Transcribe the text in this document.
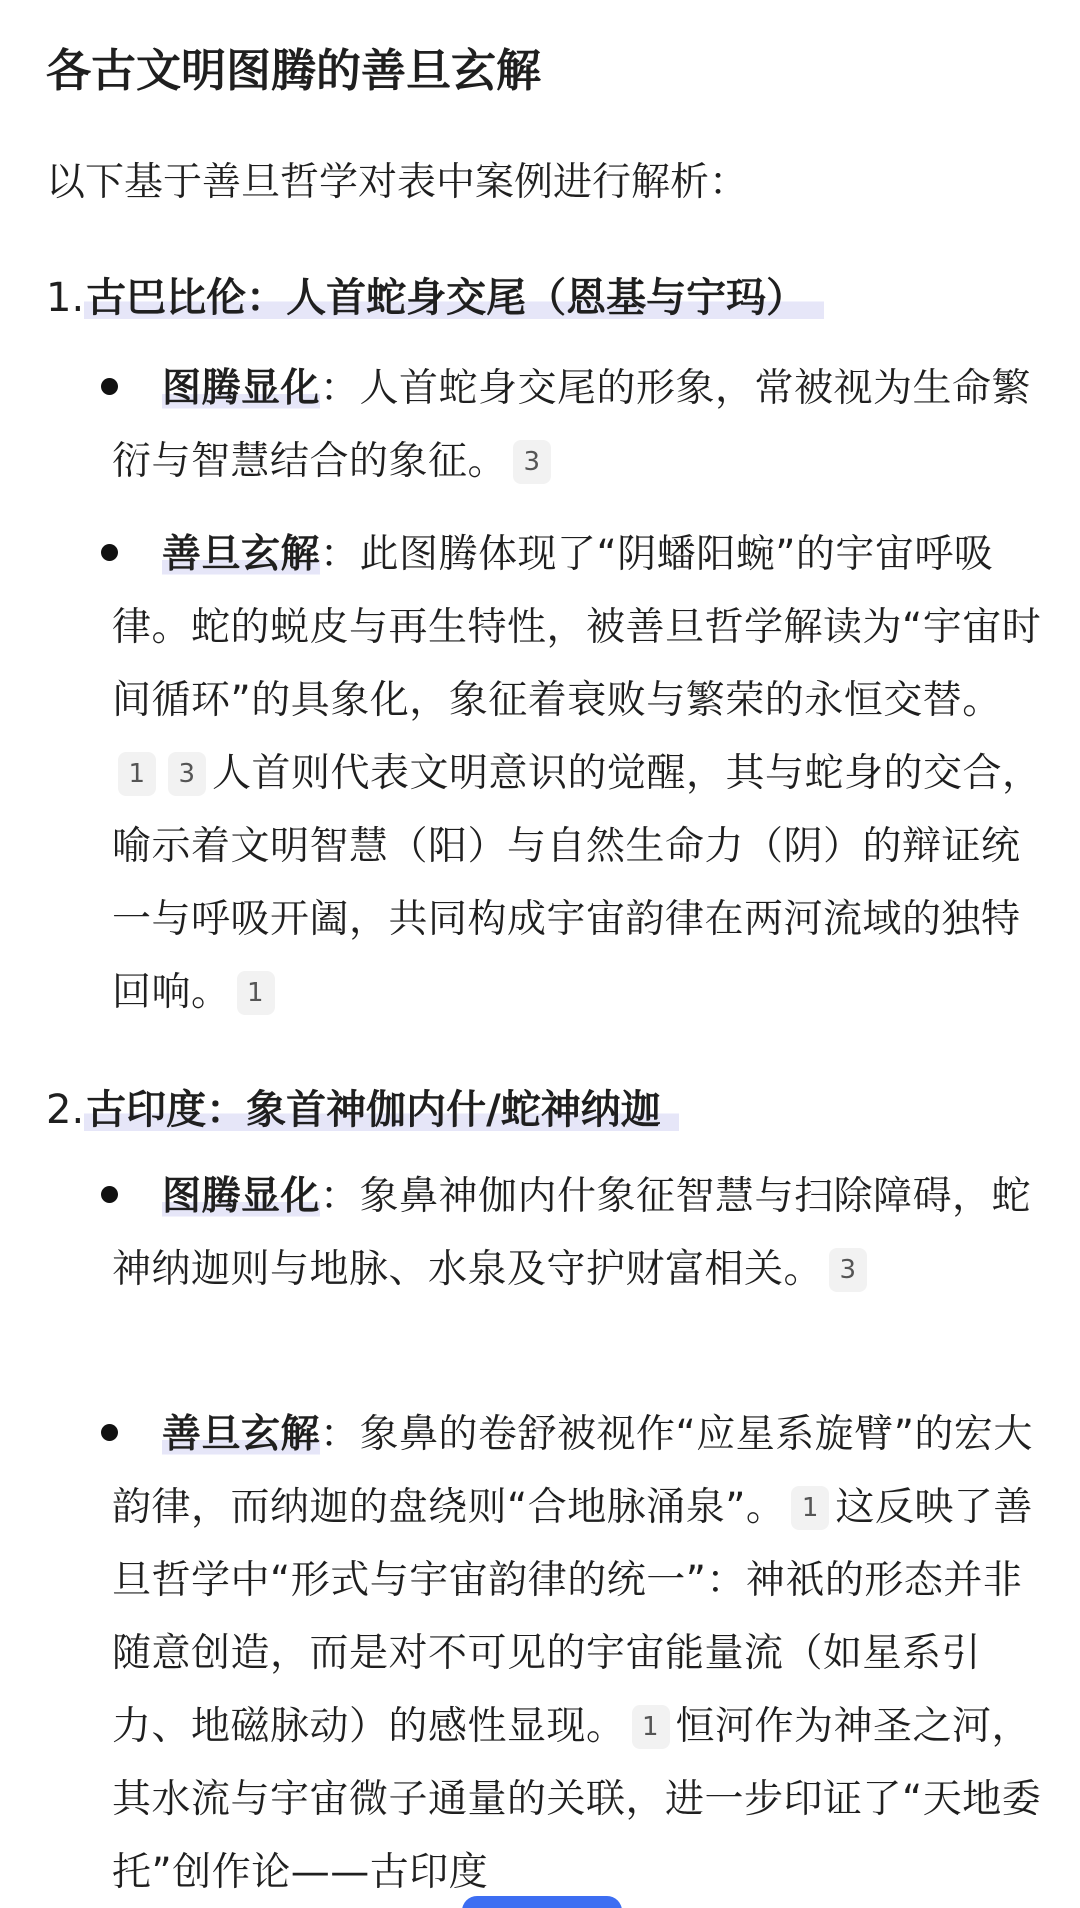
各古文明图腾的善旦玄解
以下基于善旦哲学对表中案例进行解析：
1.古巴比伦：人首蛇身交尾（恩基与宁玛）
图腾显化：人首蛇身交尾的形象，常被视为生命繁衍与智慧结合的象征。 3
善旦玄解：此图腾体现了“阴蟠阳蜿”的宇宙呼吸律。蛇的蜕皮与再生特性，被善旦哲学解读为“宇宙时间循环”的具象化，象征着衰败与繁荣的永恒交替。1 3 人首则代表文明意识的觉醒，其与蛇身的交合，喻示着文明智慧（阳）与自然生命力（阴）的辩证统一与呼吸开阖，共同构成宇宙韵律在两河流域的独特回响。 1
2.古印度：象首神伽内什/蛇神纳迦
图腾显化：象鼻神伽内什象征智慧与扫除障碍，蛇神纳迦则与地脉、水泉及守护财富相关。 3
善旦玄解：象鼻的卷舒被视作“应星系旋臂”的宏大韵律，而纳迦的盘绕则“合地脉涌泉”。 1 这反映了善旦哲学中“形式与宇宙韵律的统一”：神祇的形态并非随意创造，而是对不可见的宇宙能量流（如星系引力、地磁脉动）的感性显现。 1 恒河作为神圣之河，其水流与宇宙微子通量的关联，进一步印证了“天地委托”创作论——古印度
